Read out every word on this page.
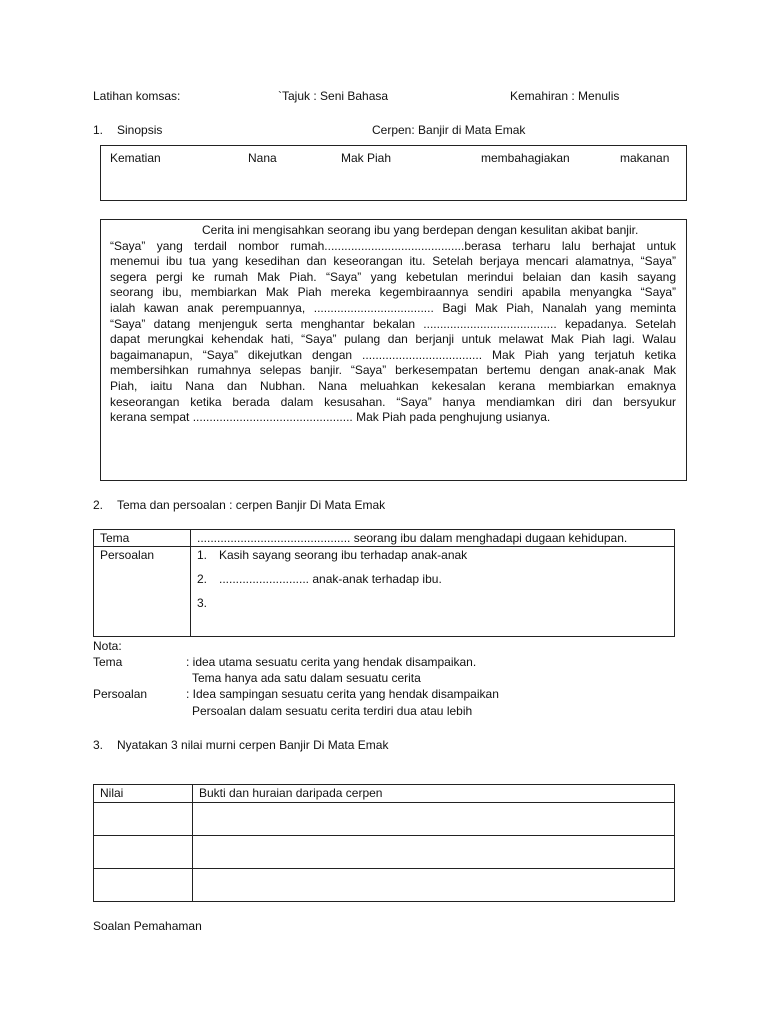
Latihan komsas:	`Tajuk : Seni Bahasa	Kemahiran : Menulis
1. Sinopsis	Cerpen: Banjir di Mata Emak
Kematian	Nana	Mak Piah	membahagiakan	makanan
Cerita ini mengisahkan seorang ibu yang berdepan dengan kesulitan akibat banjir.
“Saya” yang terdail nombor rumah..........................................berasa terharu lalu berhajat untuk
menemui ibu tua yang kesedihan dan keseorangan itu. Setelah berjaya mencari alamatnya, “Saya”
segera pergi ke rumah Mak Piah. “Saya” yang kebetulan merindui belaian dan kasih sayang
seorang ibu, membiarkan Mak Piah mereka kegembiraannya sendiri apabila menyangka “Saya”
ialah kawan anak perempuannya, .................................... Bagi Mak Piah, Nanalah yang meminta
“Saya” datang menjenguk serta menghantar bekalan ........................................ kepadanya. Setelah
dapat merungkai kehendak hati, “Saya” pulang dan berjanji untuk melawat Mak Piah lagi. Walau
bagaimanapun, “Saya” dikejutkan dengan .................................... Mak Piah yang terjatuh ketika
membersihkan rumahnya selepas banjir. “Saya” berkesempatan bertemu dengan anak-anak Mak
Piah, iaitu Nana dan Nubhan. Nana meluahkan kekesalan kerana membiarkan emaknya
keseorangan ketika berada dalam kesusahan. “Saya” hanya mendiamkan diri dan bersyukur
kerana sempat ................................................ Mak Piah pada penghujung usianya.
2. Tema dan persoalan : cerpen Banjir Di Mata Emak
Tema	.............................................. seorang ibu dalam menghadapi dugaan kehidupan.
Persoalan	1. Kasih sayang seorang ibu terhadap anak-anak
2. ........................... anak-anak terhadap ibu.
3.
Nota:
Tema	: idea utama sesuatu cerita yang hendak disampaikan.
Tema hanya ada satu dalam sesuatu cerita
Persoalan	: Idea sampingan sesuatu cerita yang hendak disampaikan
Persoalan dalam sesuatu cerita terdiri dua atau lebih
3. Nyatakan 3 nilai murni cerpen Banjir Di Mata Emak
Nilai	Bukti dan huraian daripada cerpen

Soalan Pemahaman
